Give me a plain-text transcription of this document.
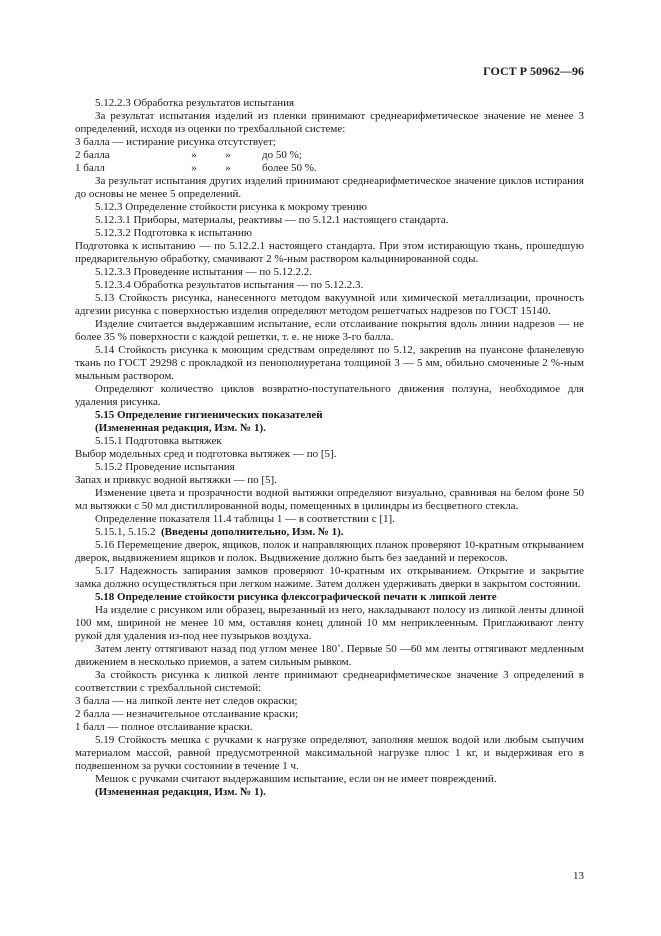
ГОСТ Р 50962—96

5.12.2.3 Обработка результатов испытания

За результат испытания изделий из пленки принимают среднеарифметическое значение не менее 3 определений, исходя из оценки по трехбалльной системе:

3 балла — истирание рисунка отсутствует;

2 балла	»	»	до 50 %;
1 балл	»	»	более 50 %.

За результат испытания других изделий принимают среднеарифметическое значение циклов истирания до основы не менее 5 определений.

5.12.3 Определение стойкости рисунка к мокрому трению

5.12.3.1 Приборы, материалы, реактивы — по 5.12.1 настоящего стандарта.

5.12.3.2 Подготовка к испытанию

Подготовка к испытанию — по 5.12.2.1 настоящего стандарта. При этом истирающую ткань, прошедшую предварительную обработку, смачивают 2 %-ным раствором кальцинированной соды.

5.12.3.3 Проведение испытания — по 5.12.2.2.

5.12.3.4 Обработка результатов испытания — по 5.12.2.3.

5.13 Стойкость рисунка, нанесенного методом вакуумной или химической металлизации, прочность адгезии рисунка с поверхностью изделия определяют методом решетчатых надрезов по ГОСТ 15140.

Изделие считается выдержавшим испытание, если отслаивание покрытия вдоль линии надрезов — не более 35 % поверхности с каждой решетки, т. е. не ниже 3-го балла.

5.14 Стойкость рисунка к моющим средствам определяют по 5.12, закрепив на пуансоне фланелевую ткань по ГОСТ 29298 с прокладкой из пенополиуретана толщиной 3 — 5 мм, обильно смоченные 2 %-ным мыльным раствором.

Определяют количество циклов возвратно-поступательного движения ползуна, необходимое для удаления рисунка.

5.15 Определение гигиенических показателей

(Измененная редакция, Изм. № 1).

5.15.1 Подготовка вытяжек

Выбор модельных сред и подготовка вытяжек — по [5].

5.15.2 Проведение испытания

Запах и привкус водной вытяжки — по [5].

Изменение цвета и прозрачности водной вытяжки определяют визуально, сравнивая на белом фоне 50 мл вытяжки с 50 мл дистиллированной воды, помещенных в цилиндры из бесцветного стекла.

Определение показателя 11.4 таблицы 1 — в соответствии с [1].

5.15.1, 5.15.2 (Введены дополнительно, Изм. № 1).

5.16 Перемещение дверок, ящиков, полок и направляющих планок проверяют 10-кратным открыванием дверок, выдвижением ящиков и полок. Выдвижение должно быть без заеданий и перекосов.

5.17 Надежность запирания замков проверяют 10-кратным их открыванием. Открытие и закрытие замка должно осуществляться при легком нажиме. Затем должен удерживать дверки в закрытом состоянии.

5.18 Определение стойкости рисунка флексографической печати к липкой ленте

На изделие с рисунком или образец, вырезанный из него, накладывают полосу из липкой ленты длиной 100 мм, шириной не менее 10 мм, оставляя конец длиной 10 мм неприклеенным. Приглаживают ленту рукой для удаления из-под нее пузырьков воздуха.

Затем ленту оттягивают назад под углом менее 180˚. Первые 50 —60 мм ленты оттягивают медленным движением в несколько приемов, а затем сильным рывком.

За стойкость рисунка к липкой ленте принимают среднеарифметическое значение 3 определений в соответствии с трехбалльной системой:

3 балла — на липкой ленте нет следов окраски;

2 балла — незначительное отслаивание краски;

1 балл — полное отслаивание краски.

5.19 Стойкость мешка с ручками к нагрузке определяют, заполняя мешок водой или любым сыпучим материалом массой, равной предусмотренной максимальной нагрузке плюс 1 кг, и выдерживая его в подвешенном за ручки состоянии в течение 1 ч.

Мешок с ручками считают выдержавшим испытание, если он не имеет повреждений.

(Измененная редакция, Изм. № 1).

13
